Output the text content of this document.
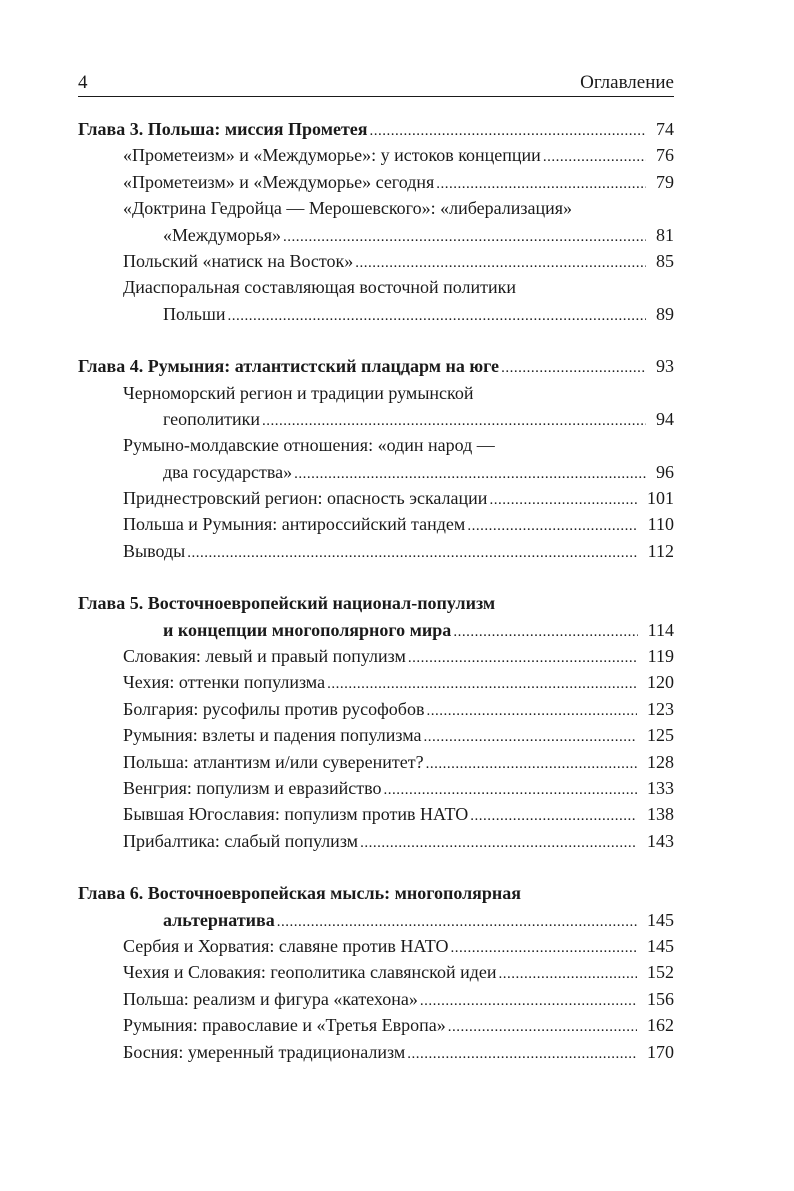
4	Оглавление
Глава 3. Польша: миссия Прометея .....	74
«Прометеизм» и «Междуморье»: у истоков концепции .....	76
«Прометеизм» и «Междуморье» сегодня .....	79
«Доктрина Гедройца — Мерошевского»: «либерализация»
«Междуморья» .....	81
Польский «натиск на Восток» .....	85
Диаспоральная составляющая восточной политики
Польши .....	89
Глава 4. Румыния: атлантистский плацдарм на юге .....	93
Черноморский регион и традиции румынской
геополитики .....	94
Румыно-молдавские отношения: «один народ —
два государства» .....	96
Приднестровский регион: опасность эскалации .....	101
Польша и Румыния: антироссийский тандем .....	110
Выводы .....	112
Глава 5. Восточноевропейский национал-популизм
и концепции многополярного мира .....	114
Словакия: левый и правый популизм .....	119
Чехия: оттенки популизма .....	120
Болгария: русофилы против русофобов .....	123
Румыния: взлеты и падения популизма .....	125
Польша: атлантизм и/или суверенитет? .....	128
Венгрия: популизм и евразийство .....	133
Бывшая Югославия: популизм против НАТО .....	138
Прибалтика: слабый популизм .....	143
Глава 6. Восточноевропейская мысль: многополярная
альтернатива .....	145
Сербия и Хорватия: славяне против НАТО .....	145
Чехия и Словакия: геополитика славянской идеи .....	152
Польша: реализм и фигура «катехона» .....	156
Румыния: православие и «Третья Европа» .....	162
Босния: умеренный традиционализм .....	170
